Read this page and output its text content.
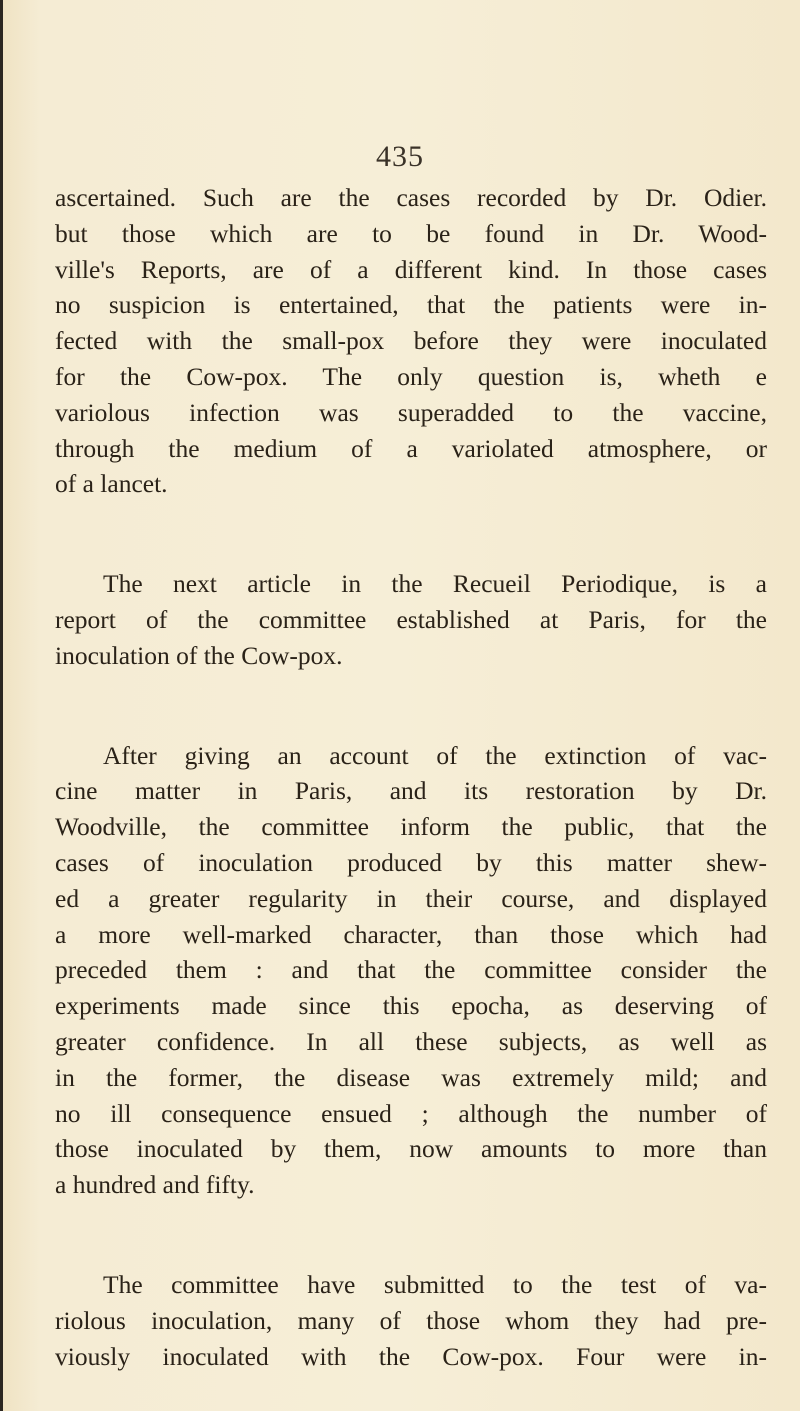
435
ascertained. Such are the cases recorded by Dr. Odier.
but those which are to be found in Dr. Wood-
ville's Reports, are of a different kind. In those cases
no suspicion is entertained, that the patients were in-
fected with the small-pox before they were inoculated
for the Cow-pox. The only question is, wheth e
variolous infection was superadded to the vaccine,
through the medium of a variolated atmosphere, or
of a lancet.
The next article in the Recueil Periodique, is a
report of the committee established at Paris, for the
inoculation of the Cow-pox.
After giving an account of the extinction of vac-
cine matter in Paris, and its restoration by Dr.
Woodville, the committee inform the public, that the
cases of inoculation produced by this matter shew-
ed a greater regularity in their course, and displayed
a more well-marked character, than those which had
preceded them : and that the committee consider the
experiments made since this epocha, as deserving of
greater confidence. In all these subjects, as well as
in the former, the disease was extremely mild; and
no ill consequence ensued ; although the number of
those inoculated by them, now amounts to more than
a hundred and fifty.
The committee have submitted to the test of va-
riolous inoculation, many of those whom they had pre-
viously inoculated with the Cow-pox. Four were in-
